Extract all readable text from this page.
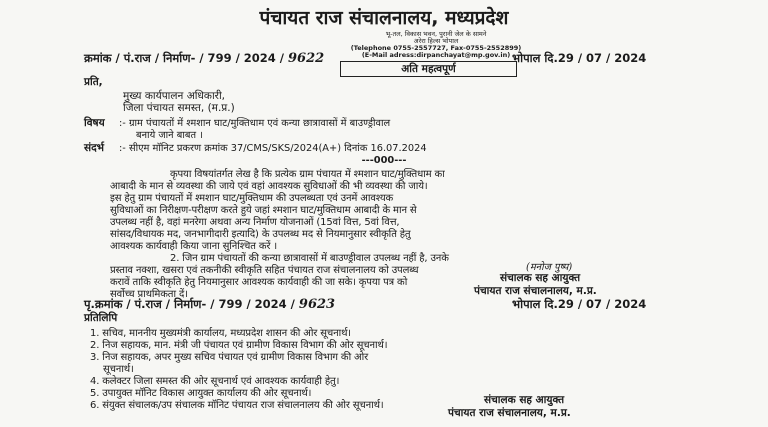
पंचायत राज संचालनालय, मध्यप्रदेश
भू-तल, विकास भवन, पुरानी जेल के सामने
अरेरा हिल्स भोपाल
(Telephone 0755-2557727, Fax-0755-2552899)
(E-Mail adress:dirpanchayat@mp.gov.in)
क्रमांक / पं.राज / निर्माण- / 799 / 2024 / 9622	भोपाल दि.29 / 07 / 2024
अति महत्वपूर्ण
प्रति,
मुख्य कार्यपालन अधिकारी,
जिला पंचायत समस्त, (म.प्र.)
विषय :- ग्राम पंचायतों में श्मशान घाट/मुक्तिधाम एवं कन्या छात्रावासों में बाउण्ड्रीवाल
बनाये जाने बाबत ।
संदर्भ :- सीएम मॉनिट प्रकरण क्रमांक 37/CMS/SKS/2024(A+) दिनांक 16.07.2024
---000---
कृपया विषयांतर्गत लेख है कि प्रत्येक ग्राम पंचायत में श्मशान घाट/मुक्तिधाम का
आबादी के मान से व्यवस्था की जाये एवं वहां आवश्यक सुविधाओं की भी व्यवस्था की जाये।
इस हेतु ग्राम पंचायतों में श्मशान घाट/मुक्तिधाम की उपलब्धता एवं उनमें आवश्यक
सुविधाओं का निरीक्षण-परीक्षण करते हुये जहां श्मशान घाट/मुक्तिधाम आबादी के मान से
उपलब्ध नहीं है, वहां मनरेगा अथवा अन्य निर्माण योजनाओं (15वां वित्त, 5वां वित्त,
सांसद/विधायक मद, जनभागीदारी इत्यादि) के उपलब्ध मद से नियमानुसार स्वीकृति हेतु
आवश्यक कार्यवाही किया जाना सुनिश्चित करें ।
2. जिन ग्राम पंचायतों की कन्या छात्रावासों में बाउण्ड्रीवाल उपलब्ध नहीं है, उनके
प्रस्ताव नक्शा, खसरा एवं तकनीकी स्वीकृति सहित पंचायत राज संचालनालय को उपलब्ध
करावें ताकि स्वीकृति हेतु नियमानुसार आवश्यक कार्यवाही की जा सके। कृपया पत्र को
सर्वोच्च प्राथमिकता दें।
(मनोज पुष्प)
संचालक सह आयुक्त
पंचायत राज संचालनालय, म.प्र.
पृ.क्रमांक / पं.राज / निर्माण- / 799 / 2024 / 9623	भोपाल दि.29 / 07 / 2024
प्रतिलिपि
1. सचिव, माननीय मुख्यमंत्री कार्यालय, मध्यप्रदेश शासन की ओर सूचनार्थ।
2. निज सहायक, मान. मंत्री जी पंचायत एवं ग्रामीण विकास विभाग की ओर सूचनार्थ।
3. निज सहायक, अपर मुख्य सचिव पंचायत एवं ग्रामीण विकास विभाग की ओर
सूचनार्थ।
4. कलेक्टर जिला समस्त की ओर सूचनार्थ एवं आवश्यक कार्यवाही हेतु।
5. उपायुक्त मॉनिट विकास आयुक्त कार्यालय की ओर सूचनार्थ।
6. संयुक्त संचालक/उप संचालक मॉनिट पंचायत राज संचालनालय की ओर सूचनार्थ।	संचालक सह आयुक्त
पंचायत राज संचालनालय, म.प्र.
